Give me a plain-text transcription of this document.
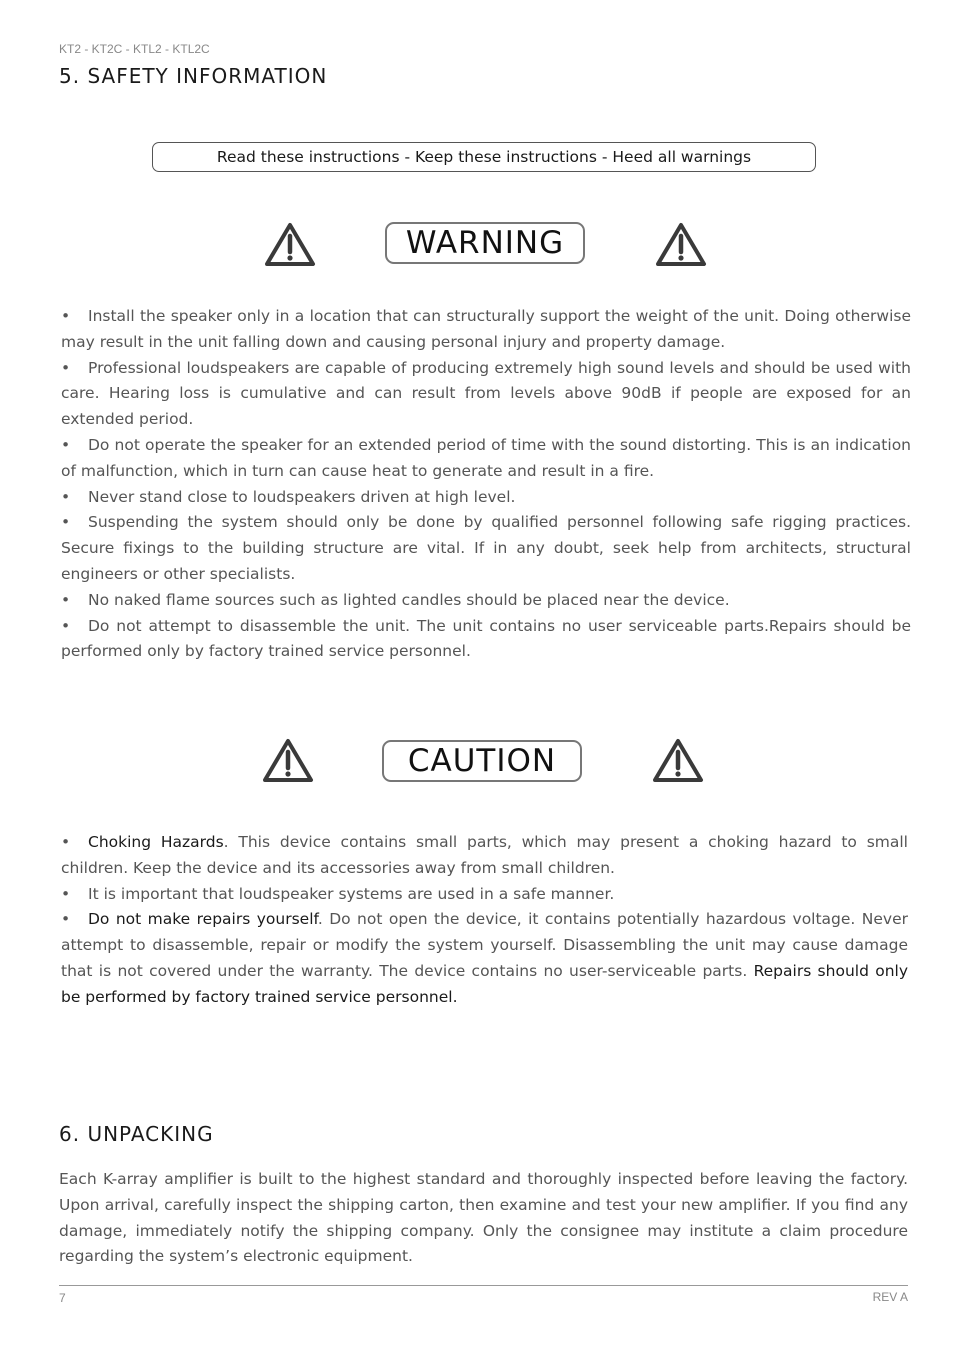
KT2 - KT2C - KTL2 - KTL2C
5. SAFETY INFORMATION
Read these instructions - Keep these instructions - Heed all warnings
WARNING

• Install the speaker only in a location that can structurally support the weight of the unit. Doing otherwise may result in the unit falling down and causing personal injury and property damage.

• Professional loudspeakers are capable of producing extremely high sound levels and should be used with care. Hearing loss is cumulative and can result from levels above 90dB if people are exposed for an extended period.

• Do not operate the speaker for an extended period of time with the sound distorting. This is an indication of malfunction, which in turn can cause heat to generate and result in a fire.

• Never stand close to loudspeakers driven at high level.

• Suspending the system should only be done by qualified personnel following safe rigging practices. Secure fixings to the building structure are vital. If in any doubt, seek help from architects, structural engineers or other specialists.

• No naked flame sources such as lighted candles should be placed near the device.

• Do not attempt to disassemble the unit. The unit contains no user serviceable parts.Repairs should be performed only by factory trained service personnel.

CAUTION

• Choking Hazards. This device contains small parts, which may present a choking hazard to small children. Keep the device and its accessories away from small children.

• It is important that loudspeaker systems are used in a safe manner.

• Do not make repairs yourself. Do not open the device, it contains potentially hazardous voltage. Never attempt to disassemble, repair or modify the system yourself. Disassembling the unit may cause damage that is not covered under the warranty. The device contains no user-serviceable parts. Repairs should only be performed by factory trained service personnel.

6. UNPACKING
Each K-array amplifier is built to the highest standard and thoroughly inspected before leaving the factory. Upon arrival, carefully inspect the shipping carton, then examine and test your new amplifier. If you find any damage, immediately notify the shipping company. Only the consignee may institute a claim procedure regarding the system’s electronic equipment.
7	REV A
